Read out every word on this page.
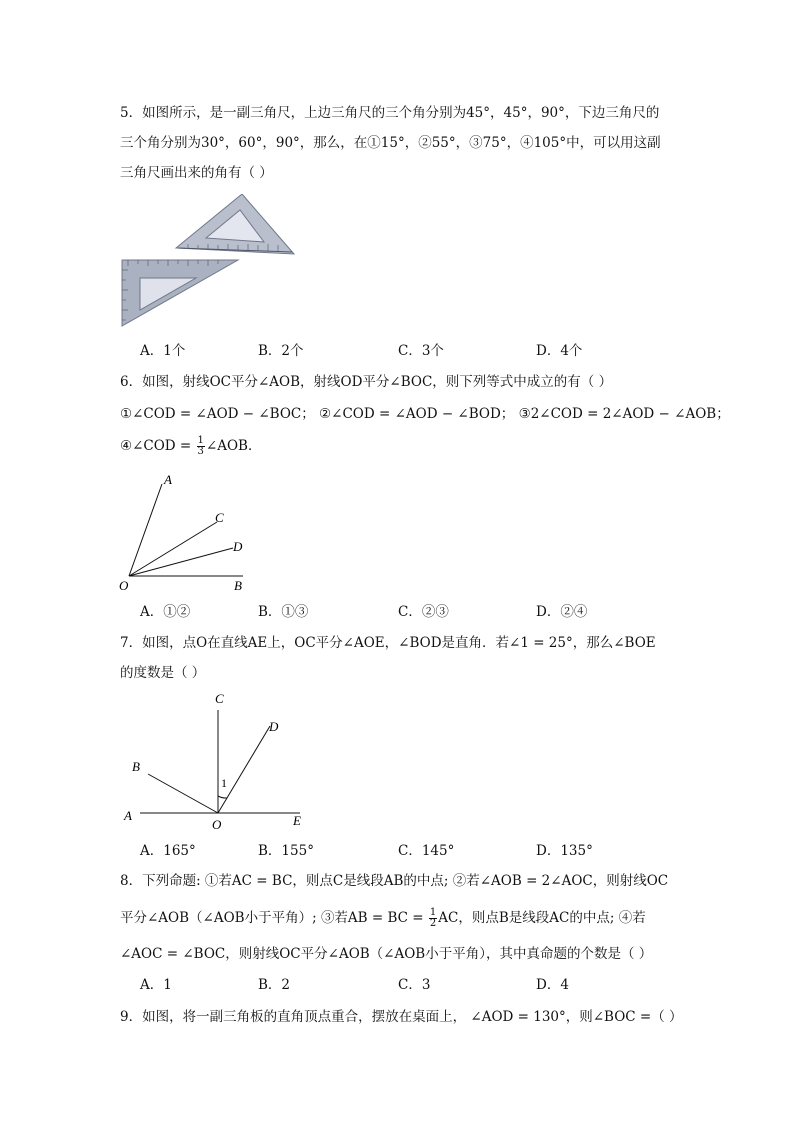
5．如图所示，是一副三角尺，上边三角尺的三个角分别为45°，45°，90°，下边三角尺的
三个角分别为30°，60°，90°，那么，在①15°，②55°，③75°，④105°中，可以用这副
三角尺画出来的角有（ ）
A．1个	B．2个	C．3个	D．4个
6．如图，射线OC平分∠AOB，射线OD平分∠BOC，则下列等式中成立的有（ ）
①∠COD = ∠AOD − ∠BOC； ②∠COD = ∠AOD − ∠BOD； ③2∠COD = 2∠AOD − ∠AOB；
④∠COD = $\frac{1}{3}$ ∠AOB．
A
C
D
O	B
A．①②	B．①③	C．②③	D．②④
7．如图，点O在直线AE上，OC平分∠AOE，∠BOD是直角．若∠1 = 25°，那么∠BOE
的度数是（ ）
C
D
B
1
A
O	E
A．165°	B．155°	C．145°	D．135°
8．下列命题: ①若AC = BC，则点C是线段AB的中点; ②若∠AOB = 2∠AOC，则射线OC
平分∠AOB（∠AOB小于平角）; ③若AB = BC = $\frac{1}{2}$ AC，则点B是线段AC的中点; ④若
∠AOC = ∠BOC，则射线OC平分∠AOB（∠AOB小于平角），其中真命题的个数是（ ）
A．1	B．2	C．3	D．4
9．如图，将一副三角板的直角顶点重合，摆放在桌面上， ∠AOD = 130°，则∠BOC =（ ）
